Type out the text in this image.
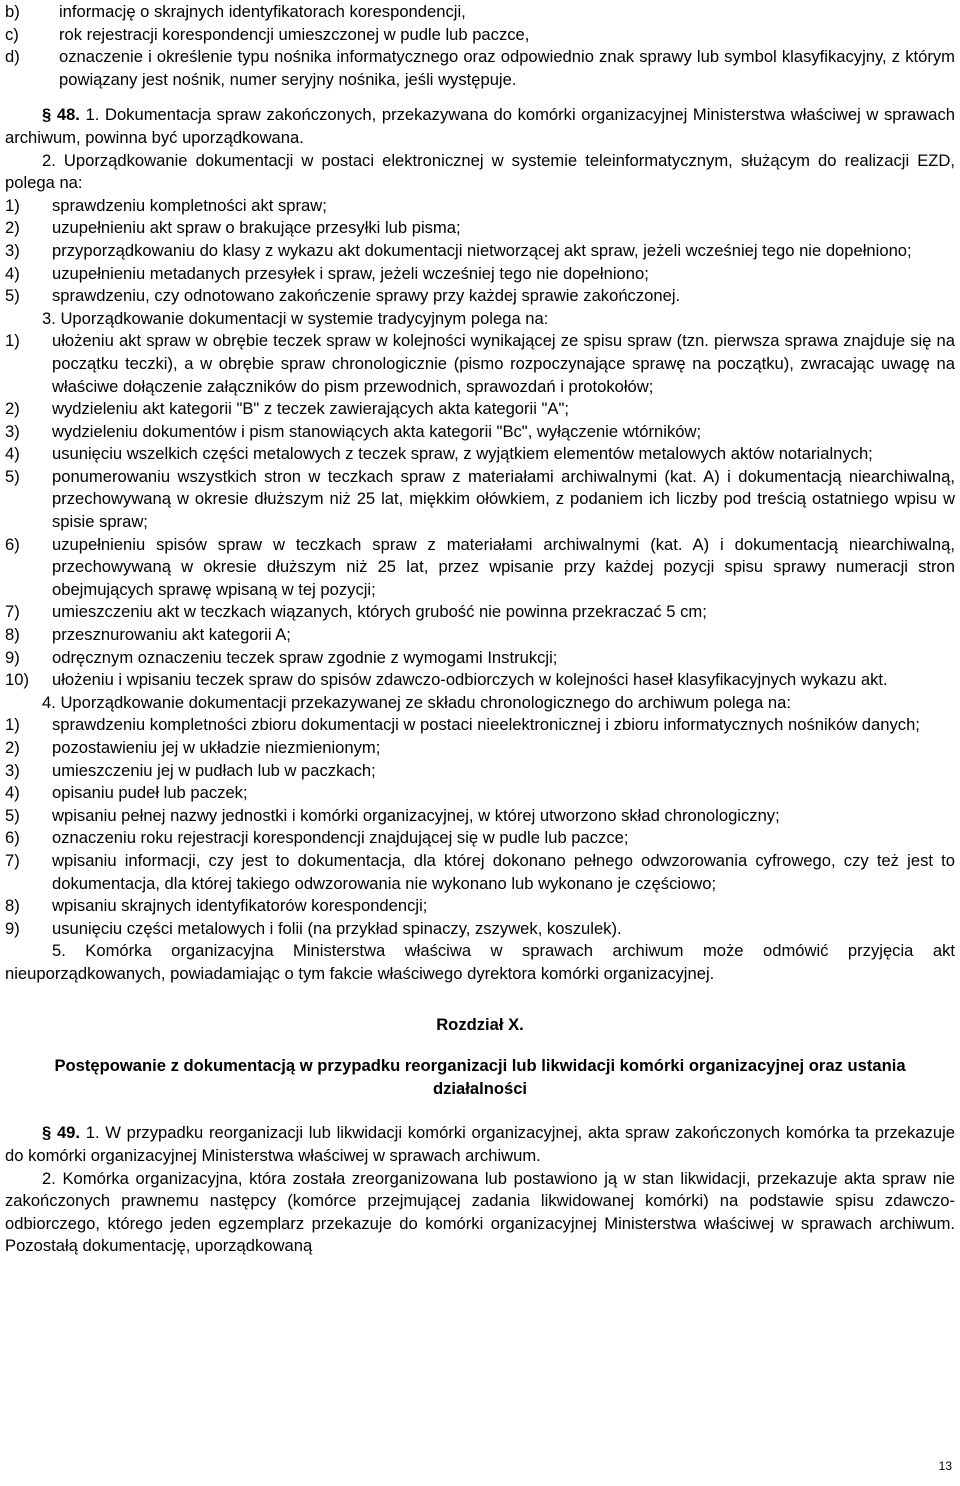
b)	informację o skrajnych identyfikatorach korespondencji,
c)	rok rejestracji korespondencji umieszczonej w pudle lub paczce,
d)	oznaczenie i określenie typu nośnika informatycznego oraz odpowiednio znak sprawy lub symbol klasyfikacyjny, z którym powiązany jest nośnik, numer seryjny nośnika, jeśli występuje.

§ 48. 1. Dokumentacja spraw zakończonych, przekazywana do komórki organizacyjnej Ministerstwa właściwej w sprawach archiwum, powinna być uporządkowana.

2. Uporządkowanie dokumentacji w postaci elektronicznej w systemie teleinformatycznym, służącym do realizacji EZD, polega na:

1)	sprawdzeniu kompletności akt spraw;
2)	uzupełnieniu akt spraw o brakujące przesyłki lub pisma;
3)	przyporządkowaniu do klasy z wykazu akt dokumentacji nietworzącej akt spraw, jeżeli wcześniej tego nie dopełniono;
4)	uzupełnieniu metadanych przesyłek i spraw, jeżeli wcześniej tego nie dopełniono;
5)	sprawdzeniu, czy odnotowano zakończenie sprawy przy każdej sprawie zakończonej.

3. Uporządkowanie dokumentacji w systemie tradycyjnym polega na:

1)	ułożeniu akt spraw w obrębie teczek spraw w kolejności wynikającej ze spisu spraw (tzn. pierwsza sprawa znajduje się na początku teczki), a w obrębie spraw chronologicznie (pismo rozpoczynające sprawę na początku), zwracając uwagę na właściwe dołączenie załączników do pism przewodnich, sprawozdań i protokołów;
2)	wydzieleniu akt kategorii "B" z teczek zawierających akta kategorii "A";
3)	wydzieleniu dokumentów i pism stanowiących akta kategorii "Bc", wyłączenie wtórników;
4)	usunięciu wszelkich części metalowych z teczek spraw, z wyjątkiem elementów metalowych aktów notarialnych;
5)	ponumerowaniu wszystkich stron w teczkach spraw z materiałami archiwalnymi (kat. A) i dokumentacją niearchiwalną, przechowywaną w okresie dłuższym niż 25 lat, miękkim ołówkiem, z podaniem ich liczby pod treścią ostatniego wpisu w spisie spraw;
6)	uzupełnieniu spisów spraw w teczkach spraw z materiałami archiwalnymi (kat. A) i dokumentacją niearchiwalną, przechowywaną w okresie dłuższym niż 25 lat, przez wpisanie przy każdej pozycji spisu sprawy numeracji stron obejmujących sprawę wpisaną w tej pozycji;
7)	umieszczeniu akt w teczkach wiązanych, których grubość nie powinna przekraczać 5 cm;
8)	przesznurowaniu akt kategorii A;
9)	odręcznym oznaczeniu teczek spraw zgodnie z wymogami Instrukcji;
10)	ułożeniu i wpisaniu teczek spraw do spisów zdawczo-odbiorczych w kolejności haseł klasyfikacyjnych wykazu akt.

4. Uporządkowanie dokumentacji przekazywanej ze składu chronologicznego do archiwum polega na:

1)	sprawdzeniu kompletności zbioru dokumentacji w postaci nieelektronicznej i zbioru informatycznych nośników danych;
2)	pozostawieniu jej w układzie niezmienionym;
3)	umieszczeniu jej w pudłach lub w paczkach;
4)	opisaniu pudeł lub paczek;
5)	wpisaniu pełnej nazwy jednostki i komórki organizacyjnej, w której utworzono skład chronologiczny;
6)	oznaczeniu roku rejestracji korespondencji znajdującej się w pudle lub paczce;
7)	wpisaniu informacji, czy jest to dokumentacja, dla której dokonano pełnego odwzorowania cyfrowego, czy też jest to dokumentacja, dla której takiego odwzorowania nie wykonano lub wykonano je częściowo;
8)	wpisaniu skrajnych identyfikatorów korespondencji;
9)	usunięciu części metalowych i folii (na przykład spinaczy, zszywek, koszulek).

5. Komórka organizacyjna Ministerstwa właściwa w sprawach archiwum może odmówić przyjęcia akt nieuporządkowanych, powiadamiając o tym fakcie właściwego dyrektora komórki organizacyjnej.

Rozdział X.

Postępowanie z dokumentacją w przypadku reorganizacji lub likwidacji komórki organizacyjnej oraz ustania działalności

§ 49. 1. W przypadku reorganizacji lub likwidacji komórki organizacyjnej, akta spraw zakończonych komórka ta przekazuje do komórki organizacyjnej Ministerstwa właściwej w sprawach archiwum.

2. Komórka organizacyjna, która została zreorganizowana lub postawiono ją w stan likwidacji, przekazuje akta spraw nie zakończonych prawnemu następcy (komórce przejmującej zadania likwidowanej komórki) na podstawie spisu zdawczo-odbiorczego, którego jeden egzemplarz przekazuje do komórki organizacyjnej Ministerstwa właściwej w sprawach archiwum. Pozostałą dokumentację, uporządkowaną

13
